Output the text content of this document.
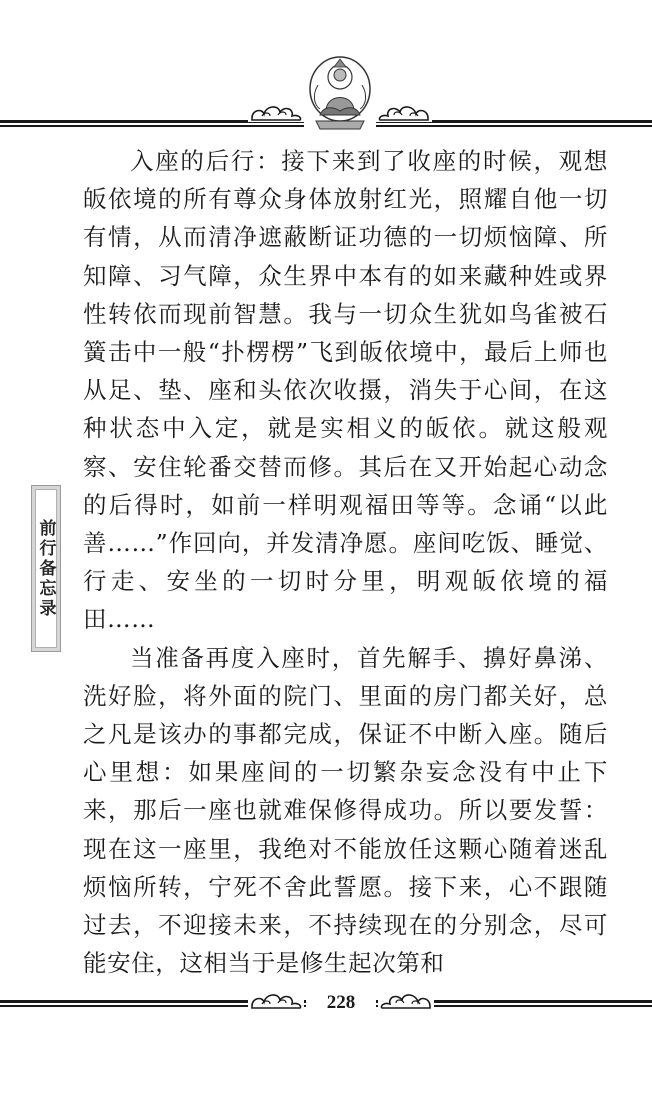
前行备忘录

入座的后行：接下来到了收座的时候，观想皈依境的所有尊众身体放射红光，照耀自他一切有情，从而清净遮蔽断证功德的一切烦恼障、所知障、习气障，众生界中本有的如来藏种姓或界性转依而现前智慧。我与一切众生犹如鸟雀被石簧击中一般“扑楞楞”飞到皈依境中，最后上师也从足、垫、座和头依次收摄，消失于心间，在这种状态中入定，就是实相义的皈依。就这般观察、安住轮番交替而修。其后在又开始起心动念的后得时，如前一样明观福田等等。念诵“以此善……”作回向，并发清净愿。座间吃饭、睡觉、行走、安坐的一切时分里，明观皈依境的福田……

当准备再度入座时，首先解手、擤好鼻涕、洗好脸，将外面的院门、里面的房门都关好，总之凡是该办的事都完成，保证不中断入座。随后心里想：如果座间的一切繁杂妄念没有中止下来，那后一座也就难保修得成功。所以要发誓：现在这一座里，我绝对不能放任这颗心随着迷乱烦恼所转，宁死不舍此誓愿。接下来，心不跟随过去，不迎接未来，不持续现在的分别念，尽可能安住，这相当于是修生起次第和

228
